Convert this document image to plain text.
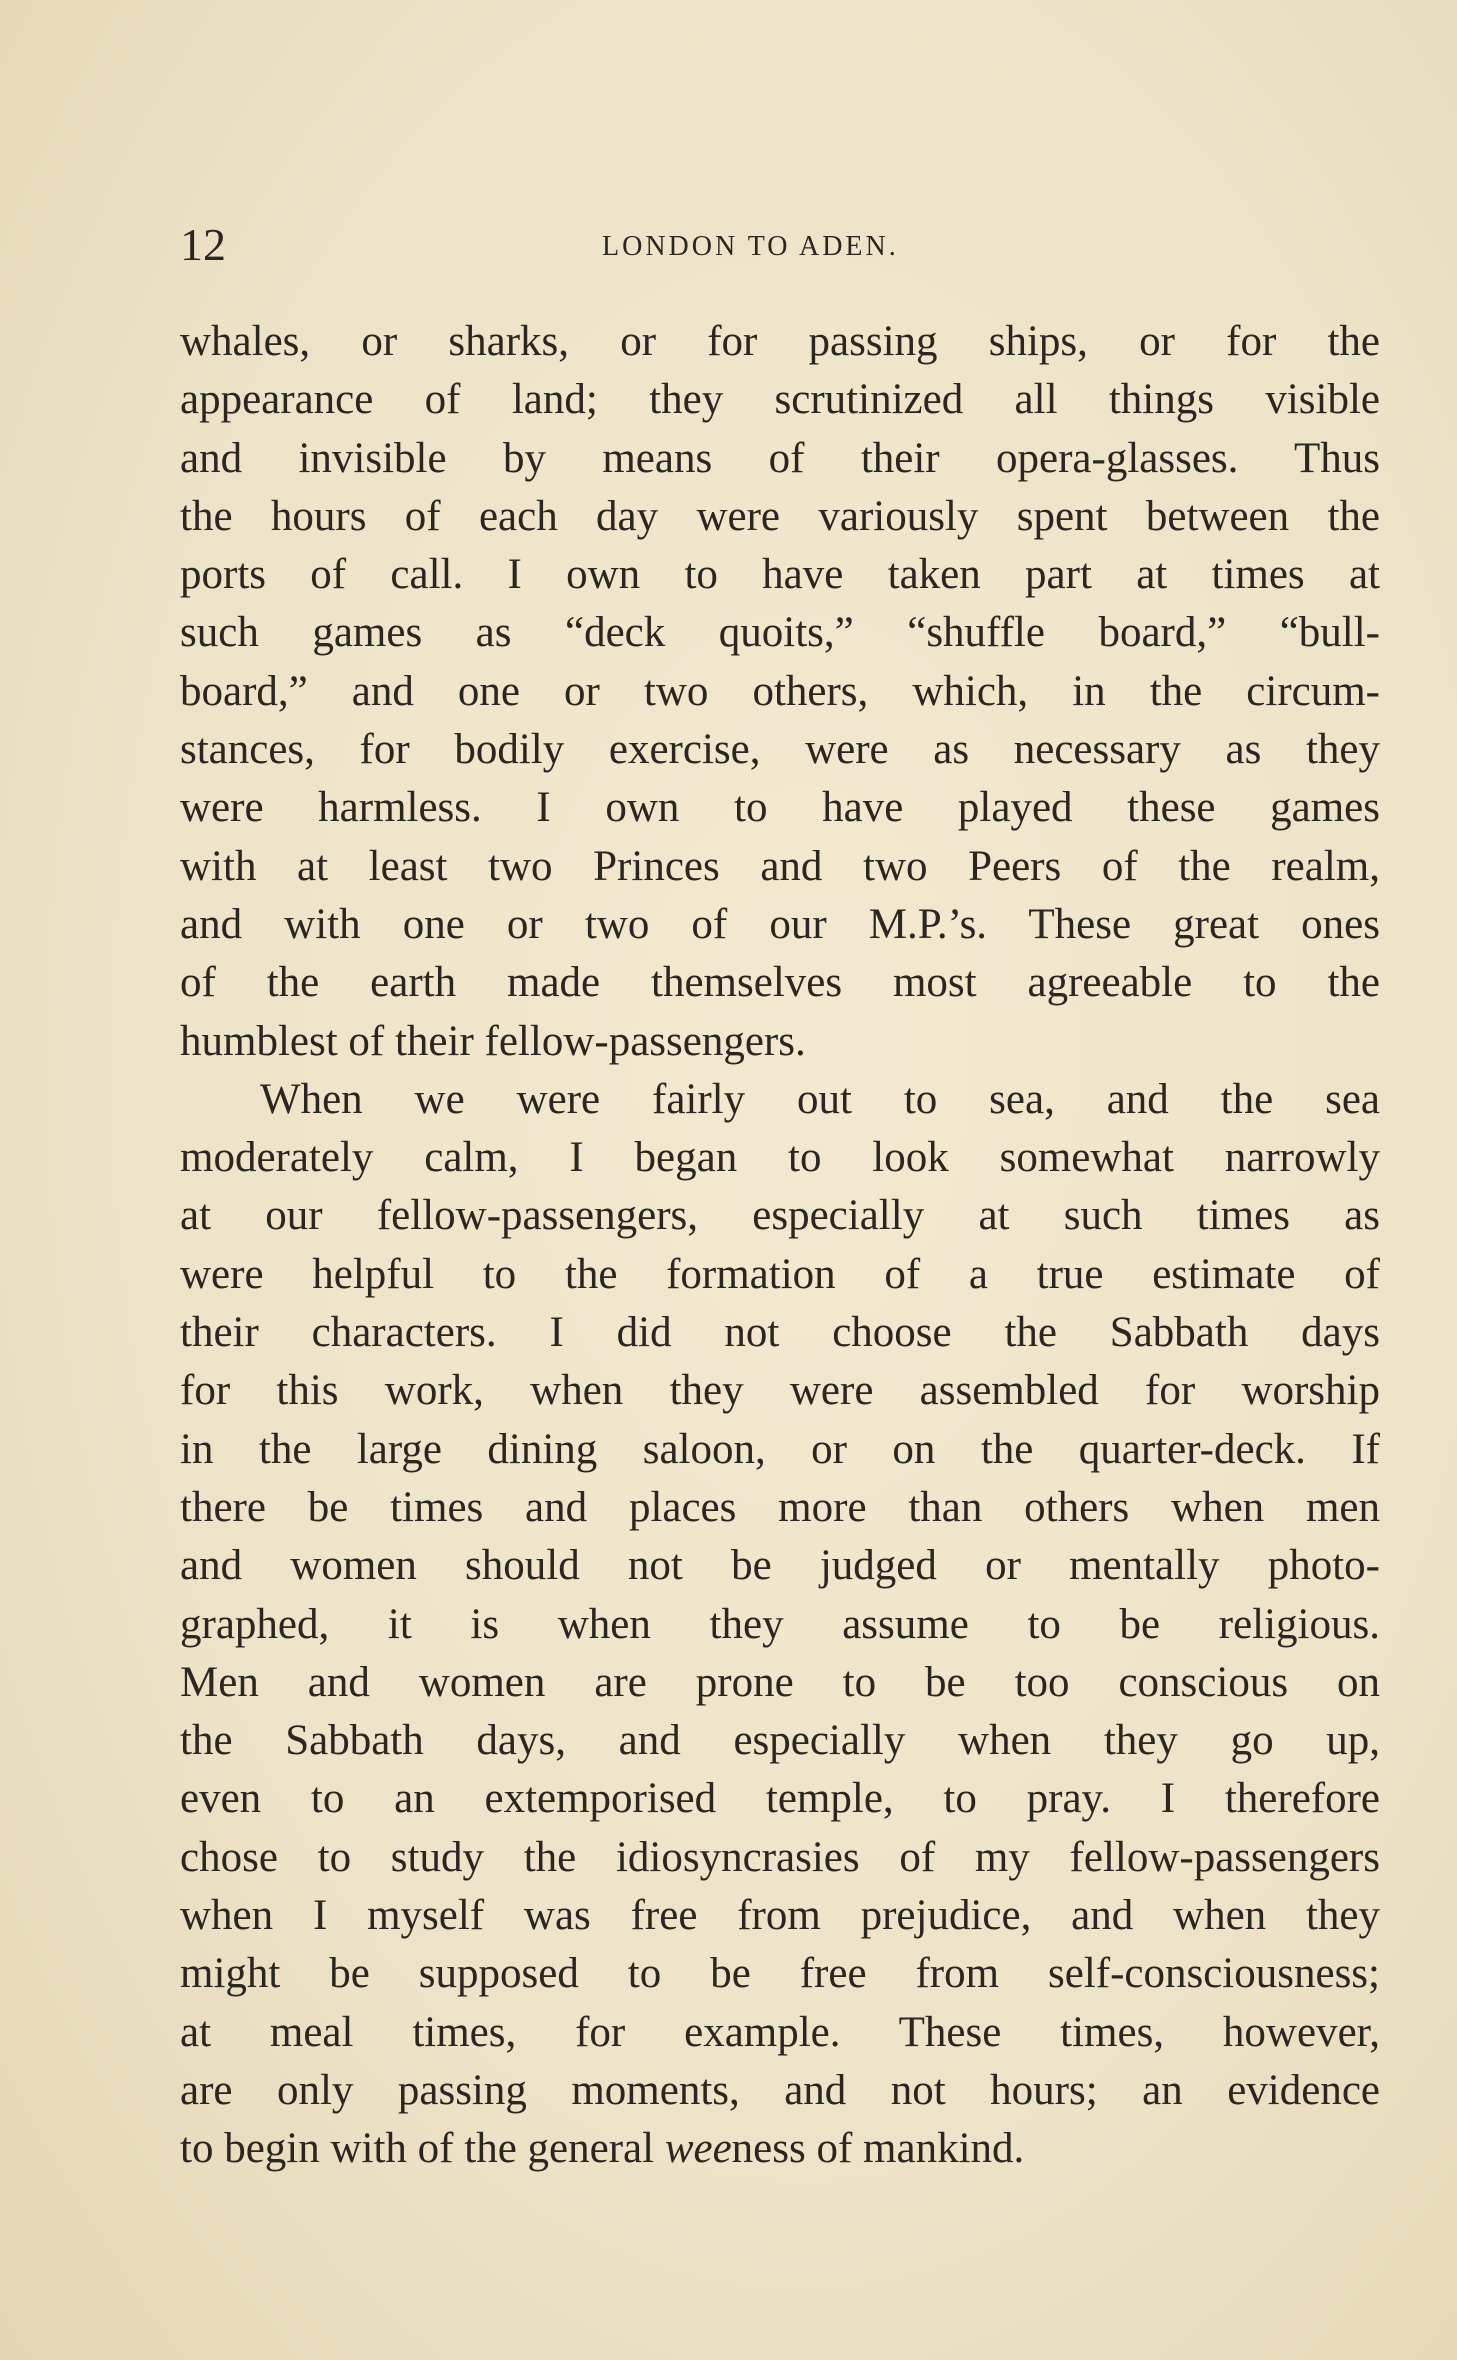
12	LONDON TO ADEN.
whales, or sharks, or for passing ships, or for the
appearance of land; they scrutinized all things visible
and invisible by means of their opera-glasses. Thus
the hours of each day were variously spent between the
ports of call. I own to have taken part at times at
such games as “deck quoits,” “shuffle board,” “bull-
board,” and one or two others, which, in the circum-
stances, for bodily exercise, were as necessary as they
were harmless. I own to have played these games
with at least two Princes and two Peers of the realm,
and with one or two of our M.P.’s. These great ones
of the earth made themselves most agreeable to the
humblest of their fellow-passengers.
When we were fairly out to sea, and the sea
moderately calm, I began to look somewhat narrowly
at our fellow-passengers, especially at such times as
were helpful to the formation of a true estimate of
their characters. I did not choose the Sabbath days
for this work, when they were assembled for worship
in the large dining saloon, or on the quarter-deck. If
there be times and places more than others when men
and women should not be judged or mentally photo-
graphed, it is when they assume to be religious.
Men and women are prone to be too conscious on
the Sabbath days, and especially when they go up,
even to an extemporised temple, to pray. I therefore
chose to study the idiosyncrasies of my fellow-passengers
when I myself was free from prejudice, and when they
might be supposed to be free from self-consciousness;
at meal times, for example. These times, however,
are only passing moments, and not hours; an evidence
to begin with of the general weeness of mankind.
